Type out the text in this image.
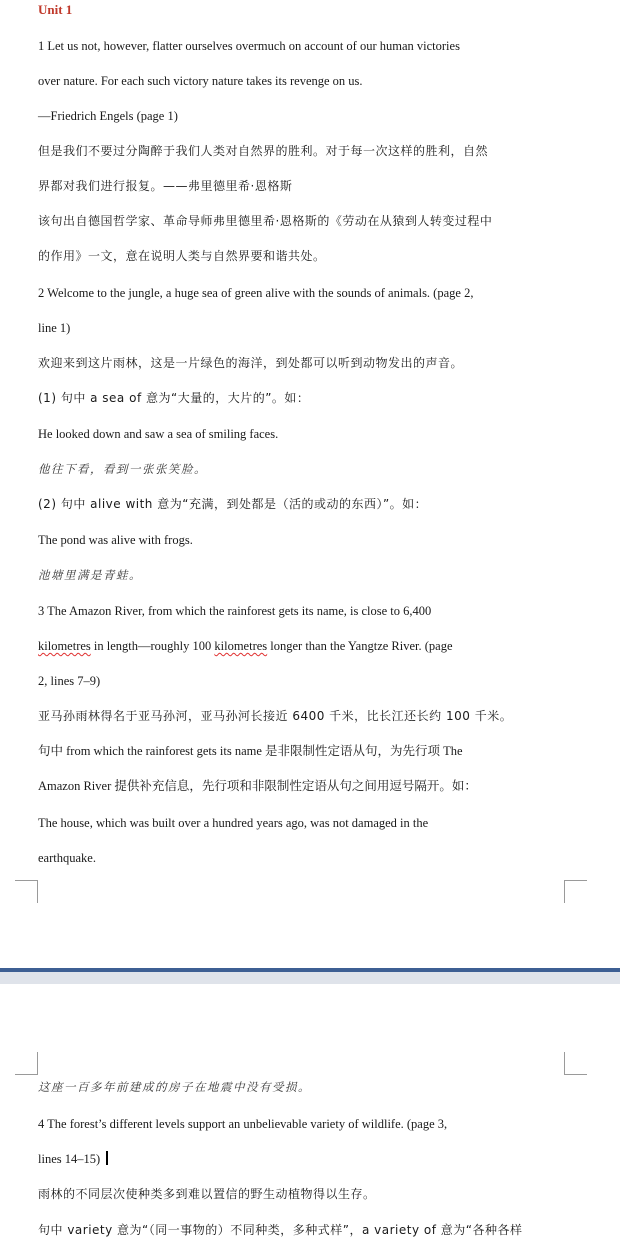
Unit 1
1 Let us not, however, flatter ourselves overmuch on account of our human victories
over nature. For each such victory nature takes its revenge on us.
—Friedrich Engels (page 1)
但是我们不要过分陶醉于我们人类对自然界的胜利。对于每一次这样的胜利，自然
界都对我们进行报复。——弗里德里希·恩格斯
该句出自德国哲学家、革命导师弗里德里希·恩格斯的《劳动在从猿到人转变过程中
的作用》一文，意在说明人类与自然界要和谐共处。
2 Welcome to the jungle, a huge sea of green alive with the sounds of animals. (page 2,
line 1)
欢迎来到这片雨林，这是一片绿色的海洋，到处都可以听到动物发出的声音。
(1) 句中 a sea of 意为“大量的，大片的”。如：
He looked down and saw a sea of smiling faces.
他往下看，看到一张张笑脸。
(2) 句中 alive with 意为“充满，到处都是（活的或动的东西）”。如：
The pond was alive with frogs.
池塘里满是青蛙。
3 The Amazon River, from which the rainforest gets its name, is close to 6,400
kilometres in length—roughly 100 kilometres longer than the Yangtze River. (page
2, lines 7–9)
亚马孙雨林得名于亚马孙河，亚马孙河长接近 6400 千米，比长江还长约 100 千米。
句中 from which the rainforest gets its name 是非限制性定语从句，为先行项 The
Amazon River 提供补充信息，先行项和非限制性定语从句之间用逗号隔开。如：
The house, which was built over a hundred years ago, was not damaged in the
earthquake.
这座一百多年前建成的房子在地震中没有受损。
4 The forest’s different levels support an unbelievable variety of wildlife. (page 3,
lines 14–15)
雨林的不同层次使种类多到难以置信的野生动植物得以生存。
句中 variety 意为“（同一事物的）不同种类，多种式样”，a variety of 意为“各种各样
